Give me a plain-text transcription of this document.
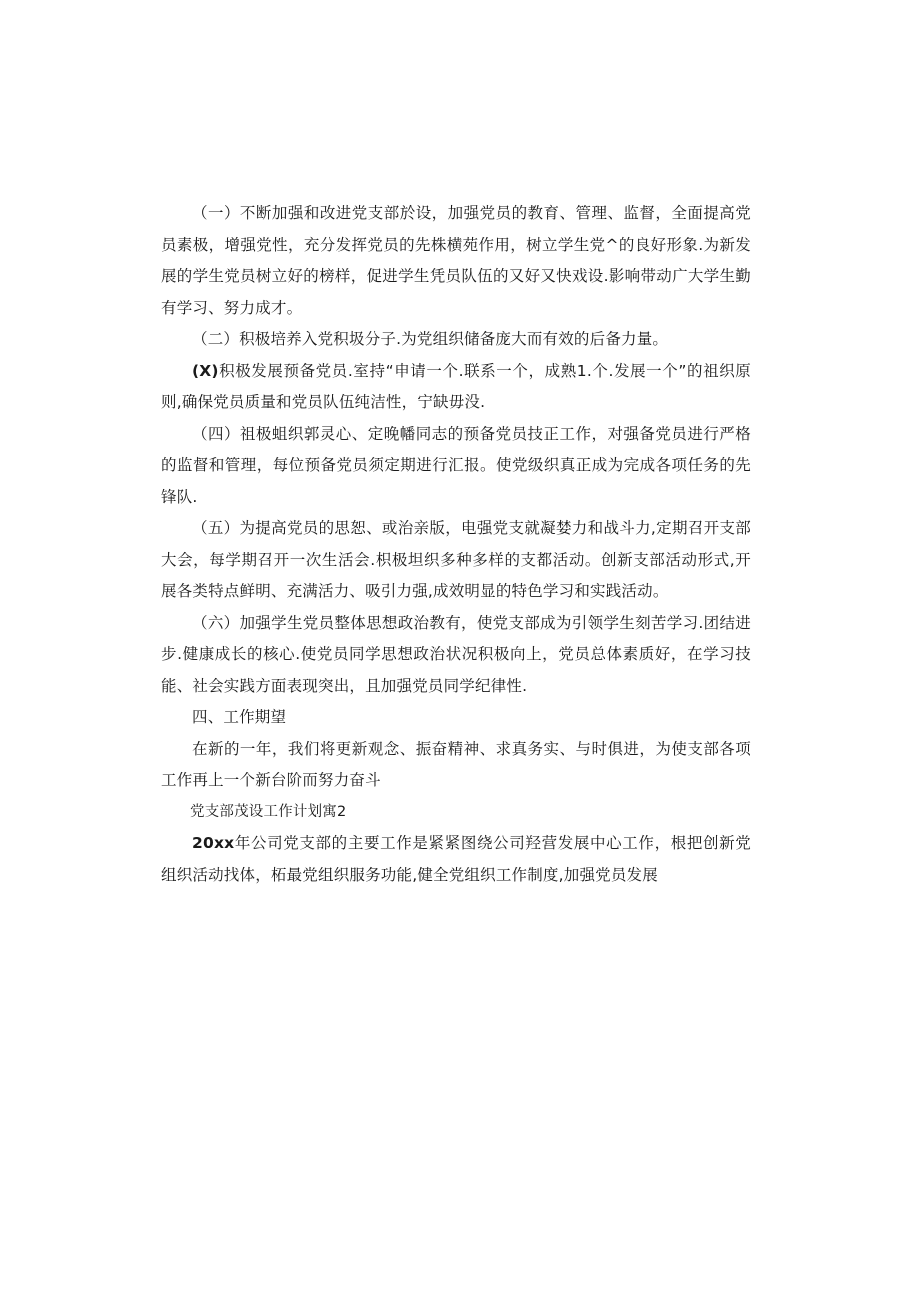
（一）不断加强和改进党支部於设，加强党员的教育、管理、监督，全面提高党员素极，增强党性，充分发挥党员的先株横苑作用，树立学生党^的良好形象.为新发展的学生党员树立好的榜样，促进学生凭员队伍的又好又快戏设.影响带动广大学生勤有学习、努力成才。

（二）积极培养入党积圾分子.为党组织储备庞大而有效的后备力量。

(X)积极发展预备党员.室持“申请一个.联系一个，成熟1.个.发展一个”的祖织原则,确保党员质量和党员队伍纯洁性，宁缺毋没.

（四）祖极蛆织郭灵心、定晚幡同志的预备党员技正工作，对强备党员进行严格的监督和管理，每位预备党员须定期进行汇报。使党级织真正成为完成各项任务的先锋队.

（五）为提高党员的思恕、或治亲版，电强党支就凝婪力和战斗力,定期召开支部大会，每学期召开一次生活会.枳极坦织多种多样的支都活动。创新支部活动形式,开展各类特点鲜明、充满活力、吸引力强,成效明显的特色学习和实践活动。

（六）加强学生党员整体思想政治教有，使党支部成为引领学生刻苦学习.团结进步.健康成长的核心.使党员同学思想政治状况积极向上，党员总体素质好，在学习技能、社会实践方面表现突出，且加强党员同学纪律性.

四、工作期望

在新的一年，我们将更新观念、振奋精神、求真务实、与时俱进，为使支部各项工作再上一个新台阶而努力奋斗

党支部茂设工作计划寓2

20xx年公司党支部的主要工作是紧紧图绕公司羟营发展中心工作，根把创新党组织活动找体，柘最党组织服务功能,健全党组织工作制度,加强党员发展
